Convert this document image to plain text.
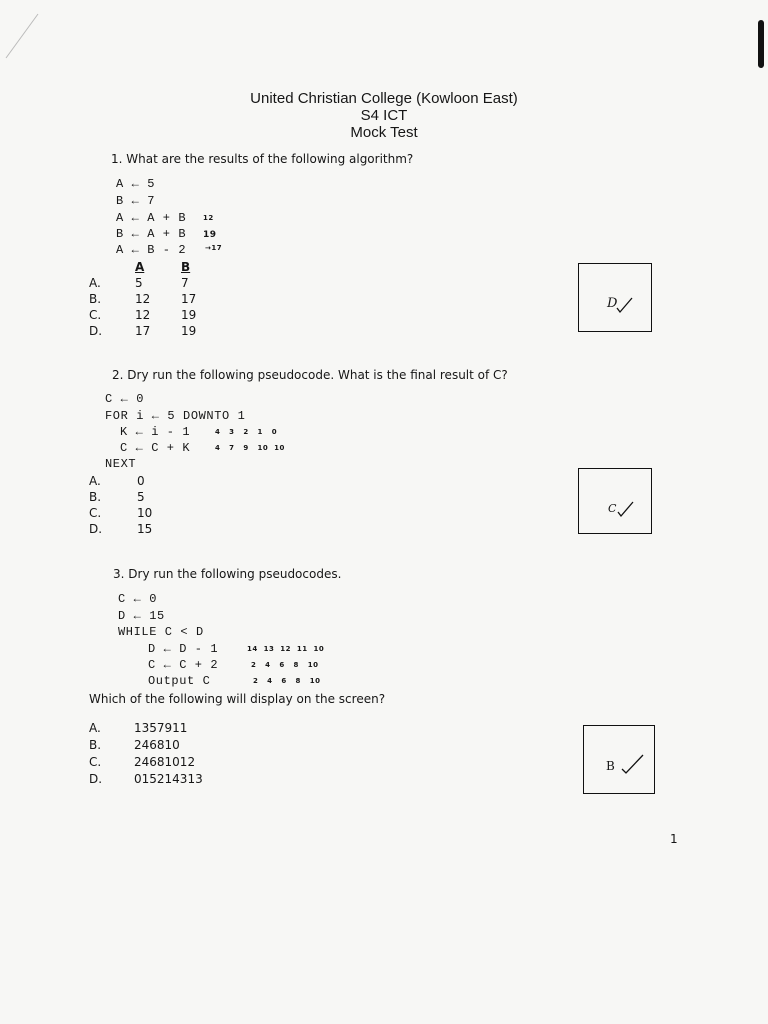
United Christian College (Kowloon East)
S4 ICT
Mock Test
1. What are the results of the following algorithm?
A ← 5
B ← 7
A ← A + B
B ← A + B
A ← B - 2
12
19
→17
A	B
A.	5	7
B.	12	17
C.	12	19
D.	17	19
D
2. Dry run the following pseudocode. What is the final result of C?
C ← 0
FOR i ← 5 DOWNTO 1
K ← i - 1
C ← C + K
NEXT
4   3   2   1   0
4   7   9   10  10
A.	0
B.	5
C.	10
D.	15
C
3. Dry run the following pseudocodes.
C ← 0
D ← 15
WHILE C < D
D ← D - 1
C ← C + 2
Output C
14  13  12  11  10
2   4   6   8   10
2   4   6   8   10
Which of the following will display on the screen?
A.	1357911
B.	246810
C.	24681012
D.	015214313
B
1
